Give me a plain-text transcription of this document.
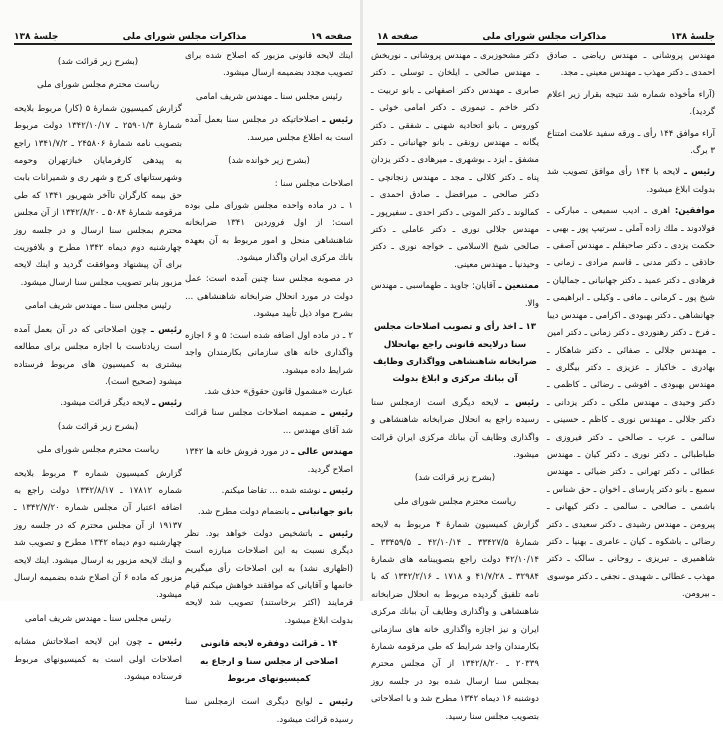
صفحه ۱۹
مذاکرات مجلس شورای ملی
جلسهٔ ۱۳۸
اینك لایحه قانونی مزبور که اصلاح شده برای تصویب مجدد بضمیمه ارسال میشود.
رئیس مجلس سنا ـ مهندس شریف امامی
رئیس ـ اصلاحاتیکه در مجلس سنا بعمل آمده است به اطلاع مجلس میرسد.
(بشرح زیر خوانده شد)
اصلاحات مجلس سنا :
۱ ـ در ماده واحده مجلس شورای ملی بوده است: از اول فروردین ۱۳۴۱ ضرابخانه شاهنشاهی منحل و امور مربوط به آن بعهده بانك مرکزی ایران واگذار میشود.
در مصوبه مجلس سنا چنین آمده است: عمل دولت در مورد انحلال ضرابخانه شاهنشاهی ... بشرح مواد ذیل تأیید میشود.
۲ ـ در ماده اول اضافه شده است: ۵ و ۶ اجازه واگذاری خانه های سازمانی بکارمندان واجد شرایط داده میشود.
عبارت «مشمول قانون حقوق» حذف شد.
رئیس ـ ضمیمه اصلاحات مجلس سنا قرائت شد آقای مهندس ...
مهندس عالی ـ در مورد فروش خانه ها ۱۳۴۲ اصلاح گردید.
رئیس ـ نوشته شده ... تقاضا میکنم.
بانو جهانبانی ـ بانضمام دولت مطرح شد.
رئیس ـ باتشخیص دولت خواهد بود. نظر دیگری نسبت به این اصلاحات مبارزه است (اظهاری نشد) به این اصلاحات رأی میگیریم خانمها و آقایانی که موافقند خواهش میکنم قیام فرمایند (اکثر برخاستند) تصویب شد لایحه بدولت ابلاغ میشود.
۱۴ ـ قرائت دوفقره لایحه قانونی اصلاحی از مجلس سنا و ارجاع به کمیسیونهای مربوط
رئیس ـ لوایح دیگری است ازمجلس سنا رسیده قرائت میشود.
(بشرح زیر قرائت شد)
ریاست محترم مجلس شورای ملی
گزارش کمیسیون شمارهٔ ۵ (کار) مربوط بلایحه شمارهٔ ۲۵۹۰۱/۳ ـ ۱۳۴۲/۱۰/۱۷ دولت مربوط بتصویب نامه شمارهٔ ۲۴۵۸۰۶ ـ ۱۳۴۱/۷/۲ راجع به پیدهی کارفرمایان خبازتهران وحومه وشهرستانهای کرج و شهر ری و شمیرانات بابت حق بیمه کارگران تاآخر شهریور ۱۳۴۱ که طی مرقومه شمارهٔ ۵۰۸۴ ـ ۱۳۴۲/۸/۲۰ از آن مجلس محترم بمجلس سنا ارسال و در جلسه روز چهارشنبه دوم دیماه ۱۳۴۲ مطرح و بلافوریت برای آن پیشنهاد وموافقت گردید و اینك لایحه مزبور بنابر تصویب مجلس سنا ارسال میشود.
رئیس مجلس سنا ـ مهندس شریف امامی
رئیس ـ چون اصلاحاتی که در آن بعمل آمده است زیادتاست با اجازه مجلس برای مطالعه بیشتری به کمیسیون های مربوط فرستاده میشود (صحیح است).
رئیس ـ لایحه دیگر قرائت میشود.
(بشرح زیر قرائت شد)
ریاست محترم مجلس شورای ملی
گزارش کمیسیون شماره ۳ مربوط بلایحه شماره ۱۷۸۱۲ ـ ۱۳۴۲/۸/۱۷ دولت راجع به اضافه اعتبار آن مجلس شماره ۱۳۴۲/۷/۲۰ ـ ۱۹۱۳۷ از آن مجلس محترم که در جلسه روز چهارشنبه دوم دیماه ۱۳۴۲ مطرح و تصویب شد و اینك لایحه مزبور به ارسال میشود. اینك لایحه مزبور که ماده ۶ آن اصلاح شده بضمیمه ارسال میشود.
رئیس مجلس سنا ـ مهندس شریف امامی
رئیس ـ چون این لایحه اصلاحاتش مشابه اصلاحات اولی است به کمیسیونهای مربوط فرستاده میشود.
جلسهٔ ۱۳۸
مذاکرات مجلس شورای ملی
صفحه ۱۸
مهندس پروشانی ـ مهندس ریاضی ـ صادق احمدی ـ دکتر مهذب ـ مهندس معینی ـ مجد.
(آراء مأخوذه شماره شد نتیجه بقرار زیر اعلام گردید).
آراء موافق ۱۴۴ رأی ـ ورقه سفید علامت امتناع ۳ برگ.
رئیس ـ لایحه با ۱۴۴ رأی موافق تصویب شد بدولت ابلاغ میشود.
موافقین: اهری ـ ادیب سمیعی ـ مبارکی ـ فولادوند ـ ملك زاده آملی ـ سرتیپ پور ـ بهبی ـ حکمت یزدی ـ دکتر صاحبقلم ـ مهندس آصفی ـ حاذقی ـ دکتر مدنی ـ قاسم مرادی ـ زمانی ـ فرهادی ـ دکتر عمید ـ دکتر جهانبانی ـ جمالیان ـ شیخ پور ـ کرمانی ـ مافی ـ وکیلی ـ ابراهیمی ـ جهانشاهی ـ دکتر بهبودی ـ اکرامی ـ مهندس دیبا ـ فرخ ـ دکتر رهنوردی ـ دکتر زمانی ـ دکتر امین ـ مهندس جلالی ـ صفائی ـ دکتر شاهکار ـ بهادری ـ خاکباز ـ عزیزی ـ دکتر بیگلری ـ مهندس بهبودی ـ افوشی ـ رضائی ـ کاظمی ـ دکتر وحیدی ـ مهندس ملکی ـ دکتر یزدانی ـ دکتر جلالی ـ مهندس نوری ـ کاظم ـ حسینی ـ سالمی ـ عرب ـ صالحی ـ دکتر فیروزی ـ طباطبائی ـ دکتر نوری ـ دکتر کیان ـ مهندس عطائی ـ دکتر تهرانی ـ دکتر ضیائی ـ مهندس سمیع ـ بانو دکتر پارسای ـ اخوان ـ حق شناس ـ باشمی ـ صالحی ـ سالمی ـ دکتر کیهانی ـ پیرومن ـ مهندس رشیدی ـ دکتر سعیدی ـ دکتر رضائی ـ باشکوه ـ کیان ـ عامری ـ بهنیا ـ دکتر شاهمیری ـ تبریزی ـ روحانی ـ سالک ـ دکتر مهذب ـ عطائی ـ شهیدی ـ نجفی ـ دکتر موسوی ـ بیرومن.
دکتر مشحوزبری ـ مهندس پروشانی ـ نوربخش ـ مهندس صالحی ـ ایلخان ـ توسلی ـ دکتر صابری ـ مهندس دکتر اصفهانی ـ بانو تربیت ـ دکتر خاخم ـ تیموری ـ دکتر امامی خوئی ـ کوروس ـ بانو اتحادیه شهنی ـ شفقی ـ دکتر یگانه ـ مهندس رونقی ـ بانو جهانبانی ـ دکتر مشفق ـ ایزد ـ بوشهری ـ میرهادی ـ دکتر یزدان پناه ـ دکتر کلالی ـ مجد ـ مهندس زنجانچی ـ دکتر صالحی ـ میرافضل ـ صادق احمدی ـ کمالوند ـ دکتر الموتی ـ دکتر احدی ـ سفیرپور ـ مهندس جلالی نوری ـ دکتر عاملی ـ دکتر صالحی شیخ الاسلامی ـ خواجه نوری ـ دکتر وحیدنیا ـ مهندس معینی.
ممتنعین ـ آقایان: جاوید ـ طهماسبی ـ مهندس والا.
۱۳ ـ اخذ رأی و تصویب اصلاحات مجلس سنا درلایحه قانونی راجع بهانحلال ضرابخانه شاهنشاهی وواگذاری وظایف آن ببانك مرکزی و ابلاغ بدولت
رئیس ـ لایحه دیگری است ازمجلس سنا رسیده راجع به انحلال ضرابخانه شاهنشاهی و واگذاری وظایف آن ببانك مرکزی ایران قرائت میشود.
(بشرح زیر قرائت شد)
ریاست محترم مجلس شورای ملی
گزارش کمیسیون شمارهٔ ۴ مربوط به لایحه شمارهٔ ۳۳۴۲۷/۵ ـ ۴۲/۱۰/۱۴ ـ ۳۳۴۵۹/۵ ـ ۴۲/۱۰/۱۴ دولت راجع بتصویبنامه های شمارهٔ ۳۲۹۸۴ ـ ۴۱/۷/۲۸ و ۱۷۱۸ ـ ۱۳۴۲/۲/۱۶ که با نامه تلفیق گردیده مربوط به انحلال ضرابخانه شاهنشاهی و واگذاری وظایف آن ببانك مرکزی ایران و نیز اجازه واگذاری خانه های سازمانی بکارمندان واجد شرایط که طی مرقومه شمارهٔ ۲۰۳۳۹ ـ ۱۳۴۲/۸/۲۰ از آن مجلس محترم بمجلس سنا ارسال شده بود در جلسه روز دوشنبه ۱۶ دیماه ۱۳۴۲ مطرح شد و با اصلاحاتی بتصویب مجلس سنا رسید.
